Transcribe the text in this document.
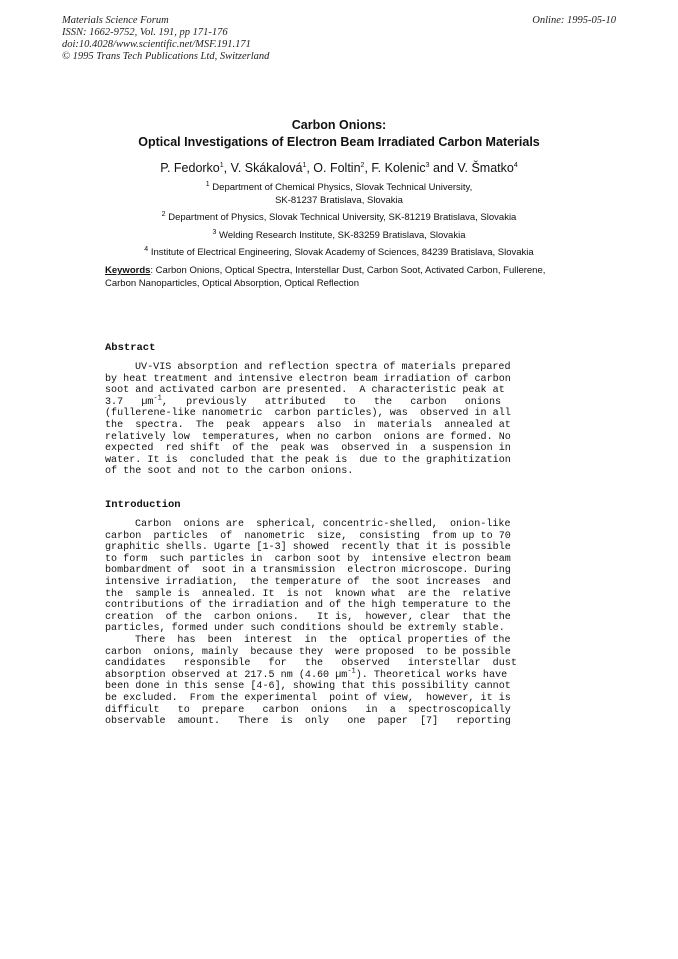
Materials Science Forum
ISSN: 1662-9752, Vol. 191, pp 171-176
doi:10.4028/www.scientific.net/MSF.191.171
© 1995 Trans Tech Publications Ltd, Switzerland
Online: 1995-05-10
Carbon Onions:
Optical Investigations of Electron Beam Irradiated Carbon Materials
P. Fedorko$^1$, V. Skákalová$^1$, O. Foltin$^2$, F. Kolenic$^3$ and V. Šmatko$^4$
$^1$ Department of Chemical Physics, Slovak Technical University,
SK-81237 Bratislava, Slovakia
$^2$ Department of Physics, Slovak Technical University, SK-81219 Bratislava, Slovakia
$^3$ Welding Research Institute, SK-83259 Bratislava, Slovakia
$^4$ Institute of Electrical Engineering, Slovak Academy of Sciences, 84239 Bratislava, Slovakia
Keywords: Carbon Onions, Optical Spectra, Interstellar Dust, Carbon Soot, Activated Carbon, Fullerene, Carbon Nanoparticles, Optical Absorption, Optical Reflection
Abstract
UV-VIS absorption and reflection spectra of materials prepared
by heat treatment and intensive electron beam irradiation of carbon
soot and activated carbon are presented.  A characteristic peak at
3.7   µm$^{-1}$,   previously   attributed   to   the   carbon   onions
(fullerene-like nanometric  carbon particles), was  observed in all
the  spectra.  The  peak  appears  also  in  materials  annealed at
relatively low  temperatures, when no carbon  onions are formed. No
expected  red shift  of the  peak was  observed in  a suspension in
water. It is  concluded that the peak is  due to the graphitization
of the soot and not to the carbon onions.
Introduction
Carbon  onions are  spherical, concentric-shelled,  onion-like
carbon  particles  of  nanometric  size,  consisting  from up to 70
graphitic shells. Ugarte [1-3] showed  recently that it is possible
to form  such particles in  carbon soot by  intensive electron beam
bombardment of  soot in a transmission  electron microscope. During
intensive irradiation,  the temperature of  the soot increases  and
the  sample is  annealed. It  is not  known what  are the  relative
contributions of the irradiation and of the high temperature to the
creation  of the  carbon onions.   It is,  however, clear  that the
particles, formed under such conditions should be extremly stable.
There  has  been  interest  in  the  optical properties of the
carbon  onions, mainly  because they  were proposed  to be possible
candidates   responsible   for   the   observed   interstellar  dust
absorption observed at 217.5 nm (4.60 µm$^{-1}$). Theoretical works have
been done in this sense [4-6], showing that this possibility cannot
be excluded.  From the experimental  point of view,  however, it is
difficult   to  prepare   carbon  onions   in  a  spectroscopically
observable  amount.   There  is  only   one  paper  [7]   reporting
